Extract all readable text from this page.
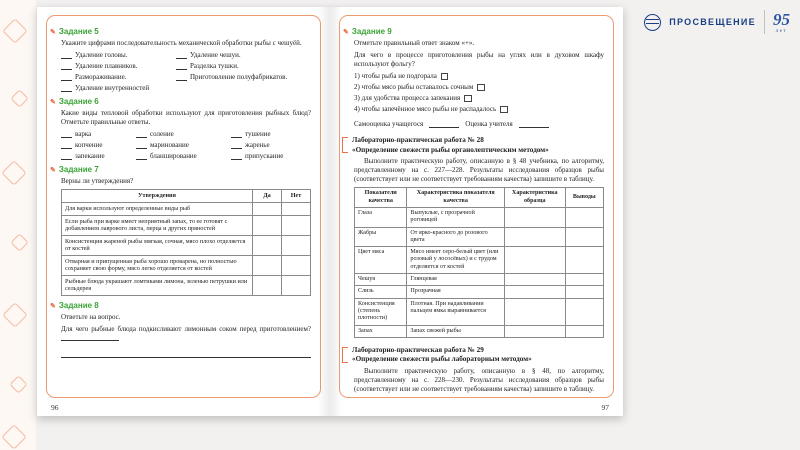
✎ Задание 5

Укажите цифрами последовательность механической обработки рыбы с чешуёй.

Удаление головы.	Удаление чешуи.
Удаление плавников.	Разделка тушки.
Размораживание.	Приготовление полуфабрикатов.
Удаление внутренностей
✎ Задание 6

Какие виды тепловой обработки используют для приготовления рыбных блюд? Отметьте правильные ответы.

варка	соление	тушение
копчение	маринование	жаренье
запекание	бланширование	припускание
✎ Задание 7

Верны ли утверждения?

Утверждения	Да	Нет
Для варки используют определенные виды рыб		
Если рыба при варке имеет неприятный запах, то ее готовят с добавлением лаврового листа, перца и других пряностей		
Консистенция жареной рыбы мягкая, сочная, мясо плохо отделяется от костей		
Отварная и припущенная рыба хорошо проварена, но полностью сохраняет свою форму, мясо легко отделяется от костей		
Рыбные блюда украшают ломтиками лимона, зеленью петрушки или сельдерея		
✎ Задание 8

Ответьте на вопрос.

Для чего рыбные блюда подкисливают лимонным соком перед приготовлением?

96
✎ Задание 9

Отметьте правильный ответ знаком «+».

Для чего в процессе приготовления рыбы на углях или в духовом шкафу используют фольгу?

1) чтобы рыба не подгорала
2) чтобы мясо рыбы оставалось сочным
3) для удобства процесса запекания
4) чтобы запечённое мясо рыбы не распадалось
Самооценка учащегося	Оценка учителя
Лабораторно-практическая работа № 28
«Определение свежести рыбы органолептическим методом»

Выполните практическую работу, описанную в § 48 учебника, по алгоритму, представленному на с. 227—228. Результаты исследования образцов рыбы (соответствует или не соответствует требованиям качества) запишите в таблицу.

Показатели качества	Характеристика показателя качества	Характеристика образца	Выводы
Глаза	Выпуклые, с прозрачной роговицей		
Жабры	От ярко-красного до розового цвета		
Цвет мяса	Мясо имеет серо-белый цвет (или розовый у лососёвых) и с трудом отделяется от костей		
Чешуя	Глянцевая		
Слизь	Прозрачная		
Консистенция (степень плотности)	Плотная. При надавливании пальцем ямка выравнивается		
Запах	Запах свежей рыбы		
Лабораторно-практическая работа № 29
«Определение свежести рыбы лабораторным методом»

Выполните практическую работу, описанную в § 48, по алгоритму, представленному на с. 228—230. Результаты исследования образцов рыбы (соответствует или не соответствует требованиям качества) запишите в таблицу.

97
ПРОСВЕЩЕНИЕ 95
лет
